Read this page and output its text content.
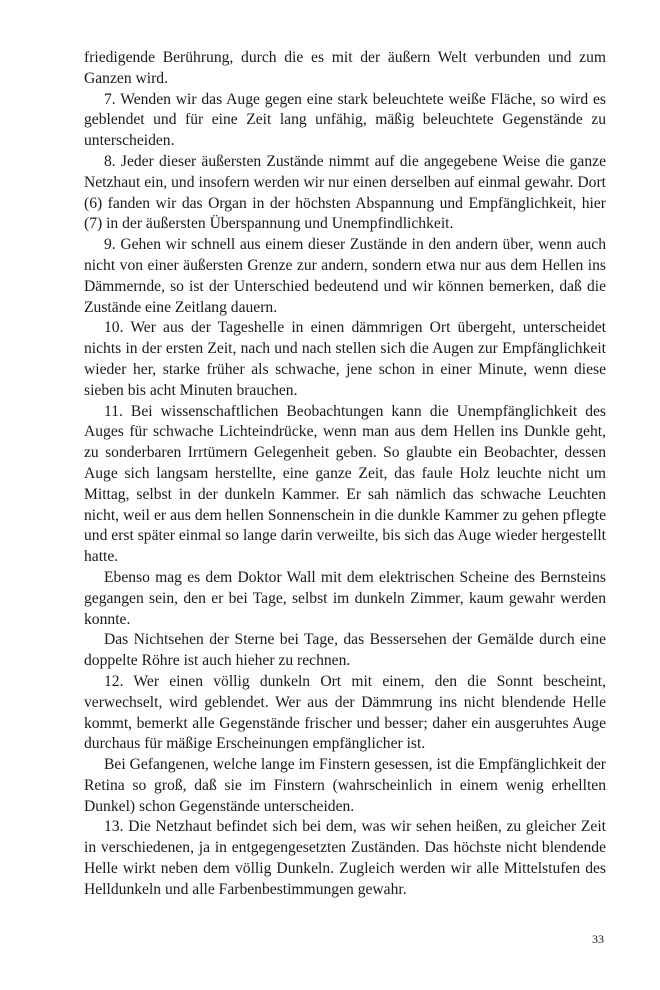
friedigende Berührung, durch die es mit der äußern Welt verbunden und zum Ganzen wird.

7. Wenden wir das Auge gegen eine stark beleuchtete weiße Fläche, so wird es geblendet und für eine Zeit lang unfähig, mäßig beleuchtete Gegenstände zu unterscheiden.

8. Jeder dieser äußersten Zustände nimmt auf die angegebene Weise die ganze Netzhaut ein, und insofern werden wir nur einen derselben auf einmal gewahr. Dort (6) fanden wir das Organ in der höchsten Abspannung und Empfänglichkeit, hier (7) in der äußersten Überspannung und Unempfindlichkeit.

9. Gehen wir schnell aus einem dieser Zustände in den andern über, wenn auch nicht von einer äußersten Grenze zur andern, sondern etwa nur aus dem Hellen ins Dämmernde, so ist der Unterschied bedeutend und wir können bemerken, daß die Zustände eine Zeitlang dauern.

10. Wer aus der Tageshelle in einen dämmrigen Ort übergeht, unterscheidet nichts in der ersten Zeit, nach und nach stellen sich die Augen zur Empfänglichkeit wieder her, starke früher als schwache, jene schon in einer Minute, wenn diese sieben bis acht Minuten brauchen.

11. Bei wissenschaftlichen Beobachtungen kann die Unempfänglichkeit des Auges für schwache Lichteindrücke, wenn man aus dem Hellen ins Dunkle geht, zu sonderbaren Irrtümern Gelegenheit geben. So glaubte ein Beobachter, dessen Auge sich langsam herstellte, eine ganze Zeit, das faule Holz leuchte nicht um Mittag, selbst in der dunkeln Kammer. Er sah nämlich das schwache Leuchten nicht, weil er aus dem hellen Sonnenschein in die dunkle Kammer zu gehen pflegte und erst später einmal so lange darin verweilte, bis sich das Auge wieder hergestellt hatte.

Ebenso mag es dem Doktor Wall mit dem elektrischen Scheine des Bernsteins gegangen sein, den er bei Tage, selbst im dunkeln Zimmer, kaum gewahr werden konnte.

Das Nichtsehen der Sterne bei Tage, das Bessersehen der Gemälde durch eine doppelte Röhre ist auch hieher zu rechnen.

12. Wer einen völlig dunkeln Ort mit einem, den die Sonnt bescheint, verwechselt, wird geblendet. Wer aus der Dämmrung ins nicht blendende Helle kommt, bemerkt alle Gegenstände frischer und besser; daher ein ausgeruhtes Auge durchaus für mäßige Erscheinungen empfänglicher ist.

Bei Gefangenen, welche lange im Finstern gesessen, ist die Empfänglichkeit der Retina so groß, daß sie im Finstern (wahrscheinlich in einem wenig erhellten Dunkel) schon Gegenstände unterscheiden.

13. Die Netzhaut befindet sich bei dem, was wir sehen heißen, zu gleicher Zeit in verschiedenen, ja in entgegengesetzten Zuständen. Das höchste nicht blendende Helle wirkt neben dem völlig Dunkeln. Zugleich werden wir alle Mittelstufen des Helldunkeln und alle Farbenbestimmungen gewahr.

33
